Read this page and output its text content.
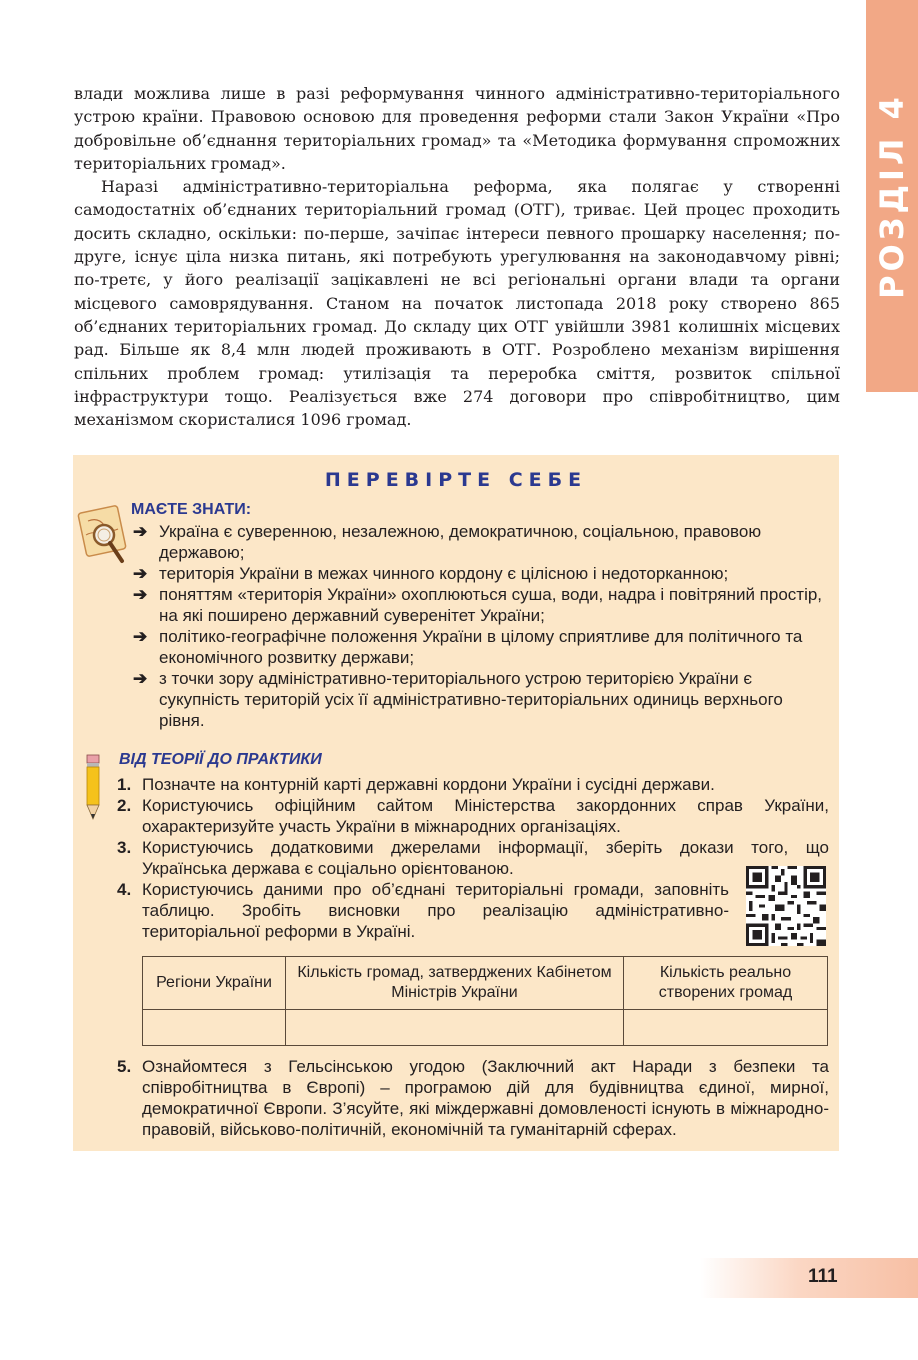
РОЗДІЛ 4

влади можлива лише в разі реформування чинного адміністративно-територіального устрою країни. Правовою основою для проведення реформи стали Закон України «Про добровільне об’єднання територіальних громад» та «Методика формування спроможних територіальних громад».

Наразі адміністративно-територіальна реформа, яка полягає у створенні самодостатніх об’єднаних територіальний громад (ОТГ), триває. Цей процес проходить досить складно, оскільки: по-перше, зачіпає інтереси певного прошарку населення; по-друге, існує ціла низка питань, які потребують урегулювання на законодавчому рівні; по-третє, у його реалізації зацікавлені не всі регіональні органи влади та органи місцевого самоврядування. Станом на початок листопада 2018 року створено 865 об’єднаних територіальних громад. До складу цих ОТГ увійшли 3981 колишніх місцевих рад. Більше як 8,4 млн людей проживають в ОТГ. Розроблено механізм вирішення спільних проблем громад: утилізація та переробка сміття, розвиток спільної інфраструктури тощо. Реалізується вже 274 договори про співробітництво, цим механізмом скористалися 1096 громад.

ПЕРЕВІРТЕ СЕБЕ
МАЄТЕ ЗНАТИ:
➔ Україна є суверенною, незалежною, демократичною, соціальною, правовою державою;
➔ територія України в межах чинного кордону є цілісною і недоторканною;
➔ поняттям «територія України» охоплюються суша, води, надра і повітряний простір, на які поширено державний суверенітет України;
➔ політико-географічне положення України в цілому сприятливе для політичного та економічного розвитку держави;
➔ з точки зору адміністративно-територіального устрою територією України є сукупність територій усіх її адміністративно-територіальних одиниць верхнього рівня.
ВІД ТЕОРІЇ ДО ПРАКТИКИ
1. Позначте на контурній карті державні кордони України і сусідні держави.
2. Користуючись офіційним сайтом Міністерства закордонних справ України, охарактеризуйте участь України в міжнародних організаціях.
3. Користуючись додатковими джерелами інформації, зберіть докази того, що Українська держава є соціально орієнтованою.
4. Користуючись даними про об’єднані територіальні громади, заповніть таблицю. Зробіть висновки про реалізацію адміністративно-територіальної реформи в Україні.
Регіони України	Кількість громад, затверджених Кабінетом Міністрів України	Кількість реально створених громад

5. Ознайомтеся з Гельсінською угодою (Заключний акт Наради з безпеки та співробітництва в Європі) – програмою дій для будівництва єдиної, мирної, демократичної Європи. З’ясуйте, які міждержавні домовленості існують в міжнародно-правовій, військово-політичній, економічній та гуманітарній сферах.
111
